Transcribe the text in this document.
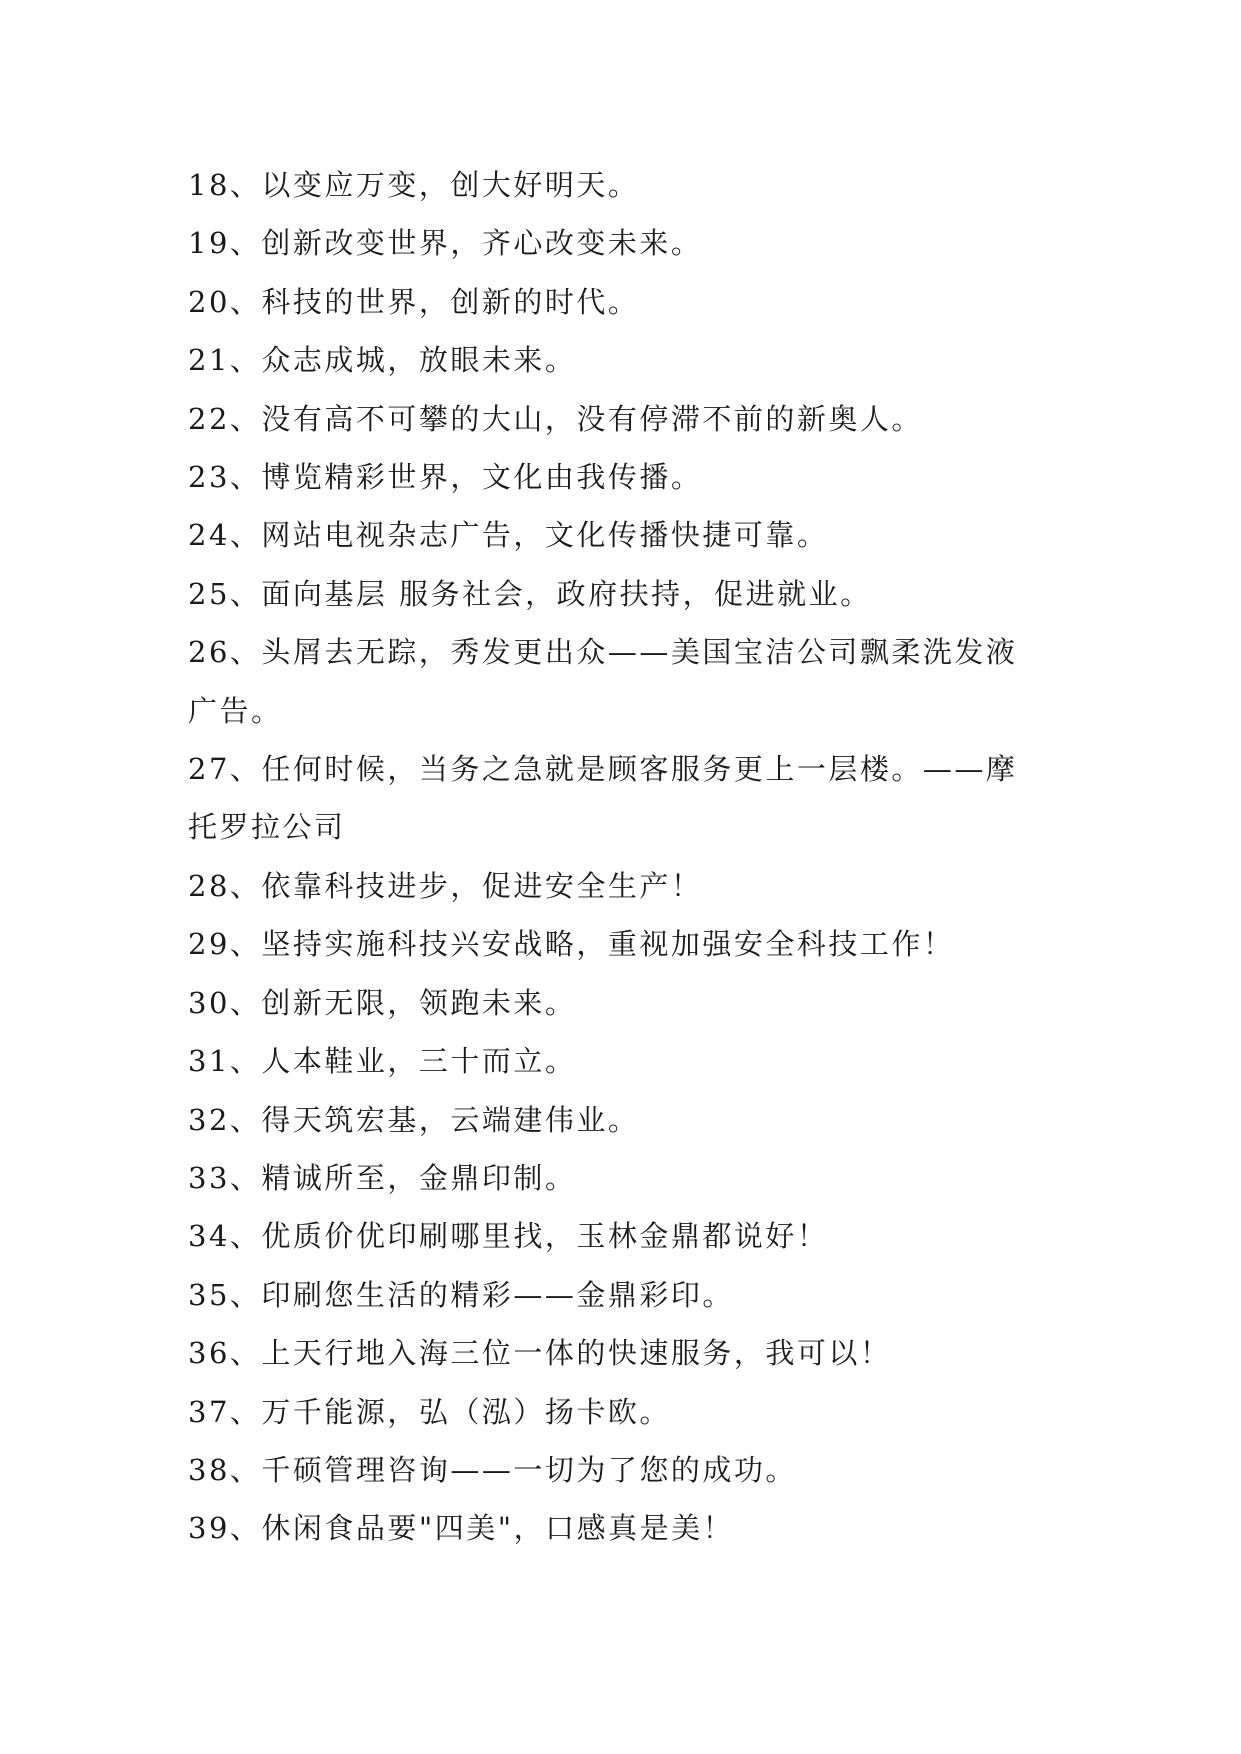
18、以变应万变，创大好明天。
19、创新改变世界，齐心改变未来。
20、科技的世界，创新的时代。
21、众志成城，放眼未来。
22、没有高不可攀的大山，没有停滞不前的新奥人。
23、博览精彩世界，文化由我传播。
24、网站电视杂志广告，文化传播快捷可靠。
25、面向基层 服务社会，政府扶持，促进就业。
26、头屑去无踪，秀发更出众——美国宝洁公司飘柔洗发液
广告。
27、任何时候，当务之急就是顾客服务更上一层楼。——摩
托罗拉公司
28、依靠科技进步，促进安全生产！
29、坚持实施科技兴安战略，重视加强安全科技工作！
30、创新无限，领跑未来。
31、人本鞋业，三十而立。
32、得天筑宏基，云端建伟业。
33、精诚所至，金鼎印制。
34、优质价优印刷哪里找，玉林金鼎都说好！
35、印刷您生活的精彩——金鼎彩印。
36、上天行地入海三位一体的快速服务，我可以！
37、万千能源，弘（泓）扬卡欧。
38、千硕管理咨询——一切为了您的成功。
39、休闲食品要"四美"，口感真是美！
